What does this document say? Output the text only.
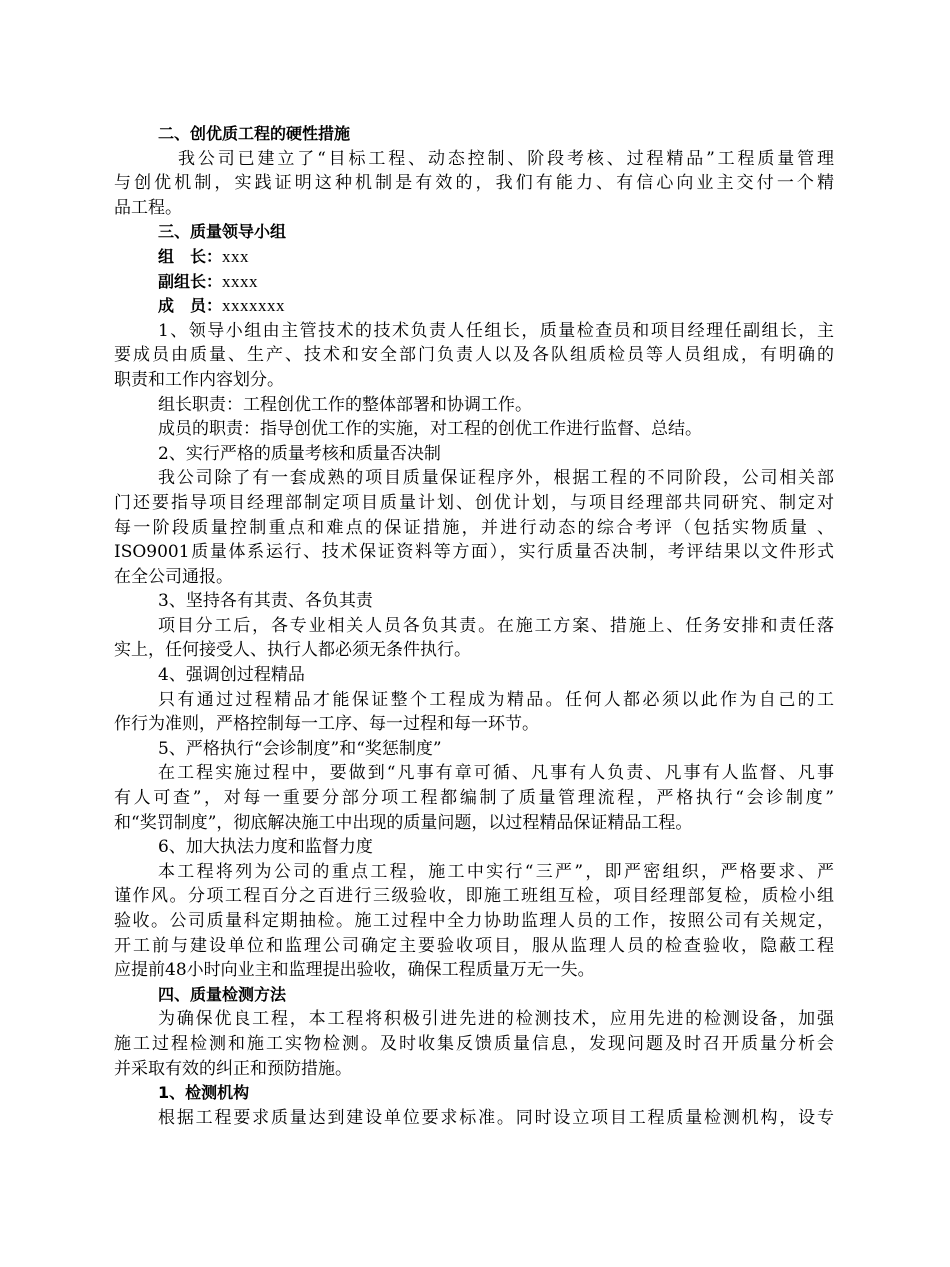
二、创优质工程的硬性措施
我公司已建立了“目标工程、动态控制、阶段考核、过程精品”工程质量管理
与创优机制，实践证明这种机制是有效的，我们有能力、有信心向业主交付一个精
品工程。
三、质量领导小组
组　长：xxx
副组长：xxxx
成　员：xxxxxxx
1、领导小组由主管技术的技术负责人任组长，质量检查员和项目经理任副组长，主
要成员由质量、生产、技术和安全部门负责人以及各队组质检员等人员组成，有明确的
职责和工作内容划分。
组长职责：工程创优工作的整体部署和协调工作。
成员的职责：指导创优工作的实施，对工程的创优工作进行监督、总结。
2、实行严格的质量考核和质量否决制
我公司除了有一套成熟的项目质量保证程序外，根据工程的不同阶段，公司相关部
门还要指导项目经理部制定项目质量计划、创优计划，与项目经理部共同研究、制定对
每一阶段质量控制重点和难点的保证措施，并进行动态的综合考评（包括实物质量 、
ISO9001质量体系运行、技术保证资料等方面），实行质量否决制，考评结果以文件形式
在全公司通报。
3、坚持各有其责、各负其责
项目分工后，各专业相关人员各负其责。在施工方案、措施上、任务安排和责任落
实上，任何接受人、执行人都必须无条件执行。
4、强调创过程精品
只有通过过程精品才能保证整个工程成为精品。任何人都必须以此作为自己的工
作行为准则，严格控制每一工序、每一过程和每一环节。
5、严格执行“会诊制度”和“奖惩制度”
在工程实施过程中，要做到“凡事有章可循、凡事有人负责、凡事有人监督、凡事
有人可查”，对每一重要分部分项工程都编制了质量管理流程，严格执行“会诊制度”
和“奖罚制度”，彻底解决施工中出现的质量问题，以过程精品保证精品工程。
6、加大执法力度和监督力度
本工程将列为公司的重点工程，施工中实行“三严”，即严密组织，严格要求、严
谨作风。分项工程百分之百进行三级验收，即施工班组互检，项目经理部复检，质检小组
验收。公司质量科定期抽检。施工过程中全力协助监理人员的工作，按照公司有关规定，
开工前与建设单位和监理公司确定主要验收项目，服从监理人员的检查验收，隐蔽工程
应提前48小时向业主和监理提出验收，确保工程质量万无一失。
四、质量检测方法
为确保优良工程，本工程将积极引进先进的检测技术，应用先进的检测设备，加强
施工过程检测和施工实物检测。及时收集反馈质量信息，发现问题及时召开质量分析会
并采取有效的纠正和预防措施。
1、检测机构
根据工程要求质量达到建设单位要求标准。同时设立项目工程质量检测机构，设专
